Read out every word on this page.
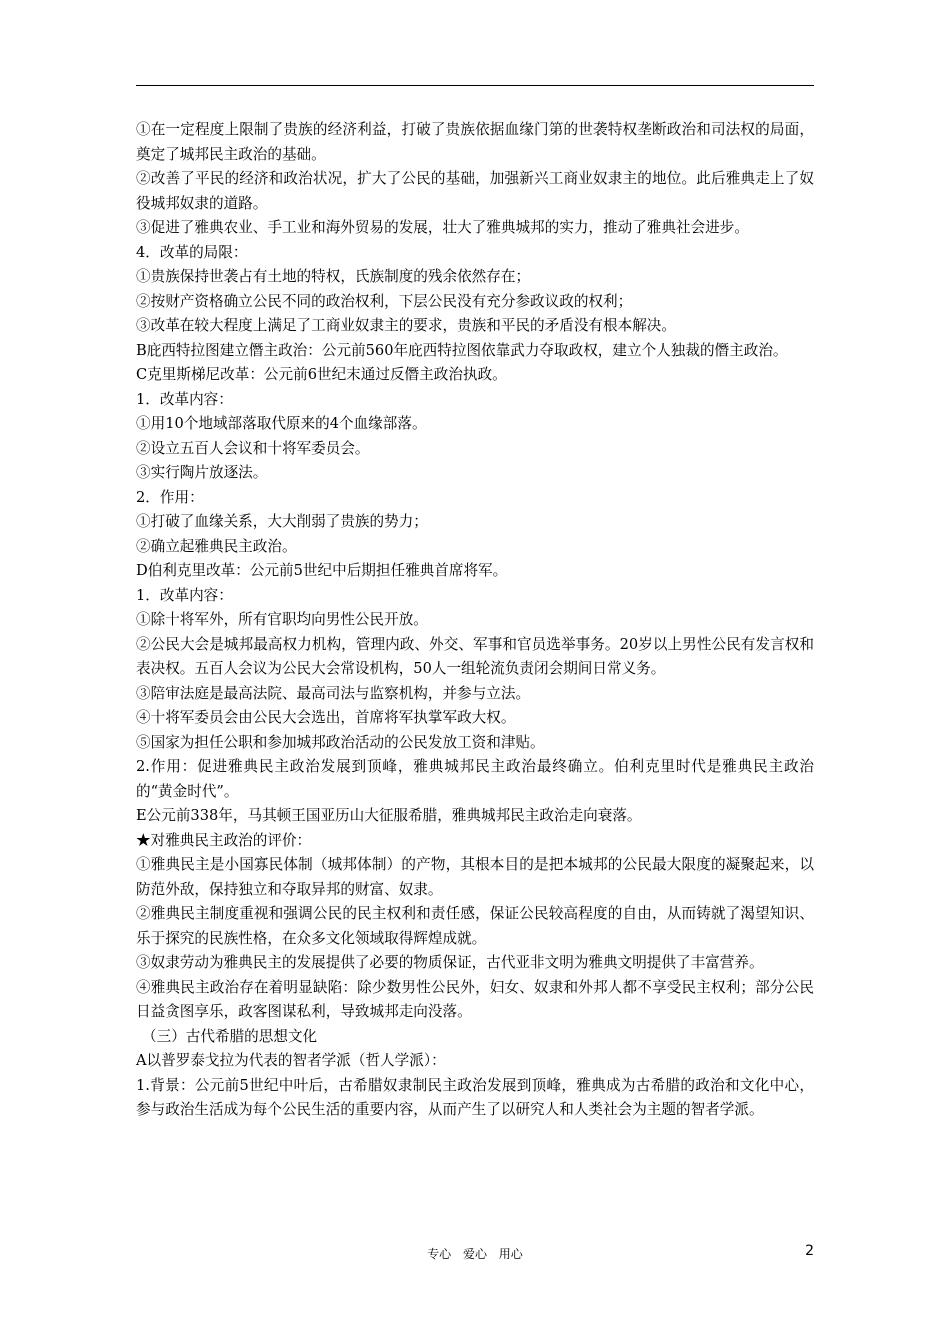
①在一定程度上限制了贵族的经济利益，打破了贵族依据血缘门第的世袭特权垄断政治和司法权的局面，奠定了城邦民主政治的基础。

②改善了平民的经济和政治状况，扩大了公民的基础，加强新兴工商业奴隶主的地位。此后雅典走上了奴役城邦奴隶的道路。

③促进了雅典农业、手工业和海外贸易的发展，壮大了雅典城邦的实力，推动了雅典社会进步。

4．改革的局限：

①贵族保持世袭占有土地的特权，氏族制度的残余依然存在；

②按财产资格确立公民不同的政治权利，下层公民没有充分参政议政的权利；

③改革在较大程度上满足了工商业奴隶主的要求，贵族和平民的矛盾没有根本解决。

B庇西特拉图建立僭主政治：公元前560年庇西特拉图依靠武力夺取政权，建立个人独裁的僭主政治。

C克里斯梯尼改革：公元前6世纪末通过反僭主政治执政。

1．改革内容：

①用10个地域部落取代原来的4个血缘部落。

②设立五百人会议和十将军委员会。

③实行陶片放逐法。

2．作用：

①打破了血缘关系，大大削弱了贵族的势力；

②确立起雅典民主政治。

D伯利克里改革：公元前5世纪中后期担任雅典首席将军。

1．改革内容：

①除十将军外，所有官职均向男性公民开放。

②公民大会是城邦最高权力机构，管理内政、外交、军事和官员选举事务。20岁以上男性公民有发言权和表决权。五百人会议为公民大会常设机构，50人一组轮流负责闭会期间日常义务。

③陪审法庭是最高法院、最高司法与监察机构，并参与立法。

④十将军委员会由公民大会选出，首席将军执掌军政大权。

⑤国家为担任公职和参加城邦政治活动的公民发放工资和津贴。

2.作用：促进雅典民主政治发展到顶峰，雅典城邦民主政治最终确立。伯利克里时代是雅典民主政治的“黄金时代”。

E公元前338年，马其顿王国亚历山大征服希腊，雅典城邦民主政治走向衰落。

★对雅典民主政治的评价：

①雅典民主是小国寡民体制（城邦体制）的产物，其根本目的是把本城邦的公民最大限度的凝聚起来，以防范外敌，保持独立和夺取异邦的财富、奴隶。

②雅典民主制度重视和强调公民的民主权利和责任感，保证公民较高程度的自由，从而铸就了渴望知识、乐于探究的民族性格，在众多文化领域取得辉煌成就。

③奴隶劳动为雅典民主的发展提供了必要的物质保证，古代亚非文明为雅典文明提供了丰富营养。

④雅典民主政治存在着明显缺陷：除少数男性公民外，妇女、奴隶和外邦人都不享受民主权利；部分公民日益贪图享乐，政客图谋私利，导致城邦走向没落。

（三）古代希腊的思想文化

A以普罗泰戈拉为代表的智者学派（哲人学派）：

1.背景：公元前5世纪中叶后，古希腊奴隶制民主政治发展到顶峰，雅典成为古希腊的政治和文化中心，参与政治生活成为每个公民生活的重要内容，从而产生了以研究人和人类社会为主题的智者学派。

专心 爱心 用心	2
